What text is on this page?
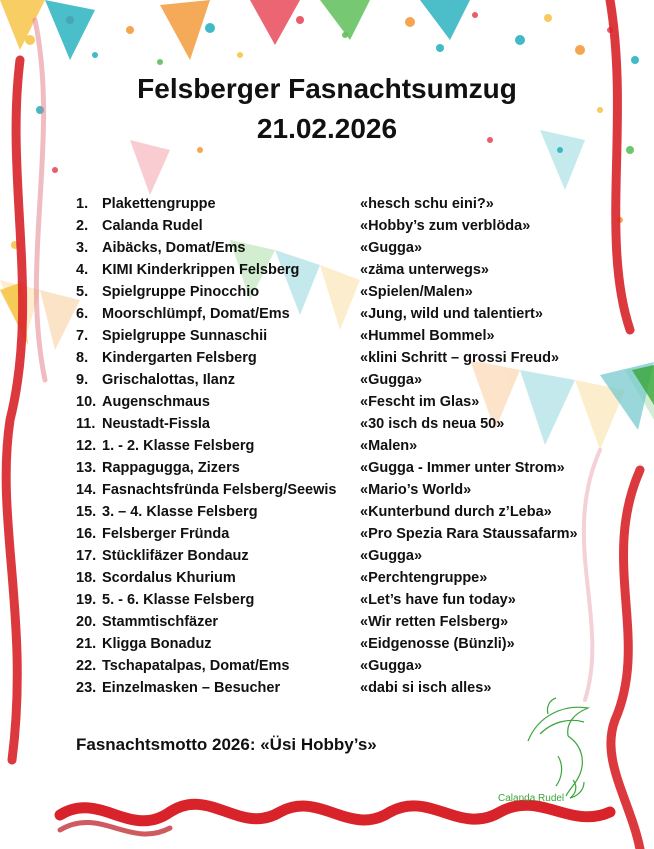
Felsberger Fasnachtsumzug
21.02.2026
1. Plakettengruppe	«hesch schu eini?»
2. Calanda Rudel	«Hobby’s zum verblöda»
3. Aibäcks, Domat/Ems	«Gugga»
4. KIMI Kinderkrippen Felsberg	«zäma unterwegs»
5. Spielgruppe Pinocchio	«Spielen/Malen»
6. Moorschlümpf, Domat/Ems	«Jung, wild und talentiert»
7. Spielgruppe Sunnaschii	«Hummel Bommel»
8. Kindergarten Felsberg	«klini Schritt – grossi Freud»
9. Grischalottas, Ilanz	«Gugga»
10. Augenschmaus	«Fescht im Glas»
11. Neustadt-Fissla	«30 isch ds neua 50»
12. 1. - 2. Klasse Felsberg	«Malen»
13. Rappagugga, Zizers	«Gugga - Immer unter Strom»
14. Fasnachtsfründa Felsberg/Seewis «Mario’s World»
15. 3. – 4. Klasse Felsberg	«Kunterbund durch z’Leba»
16. Felsberger Fründa	«Pro Spezia Rara Staussafarm»
17. Stücklifäzer Bondauz	«Gugga»
18. Scordalus Khurium	«Perchtengruppe»
19. 5. - 6. Klasse Felsberg	«Let’s have fun today»
20. Stammtischfäzer	«Wir retten Felsberg»
21. Kligga Bonaduz	«Eidgenosse (Bünzli)»
22. Tschapatalpas, Domat/Ems	«Gugga»
23. Einzelmasken – Besucher	«dabi si isch alles»
Fasnachtsmotto 2026: «Üsi Hobby’s»
Calanda Rudel
